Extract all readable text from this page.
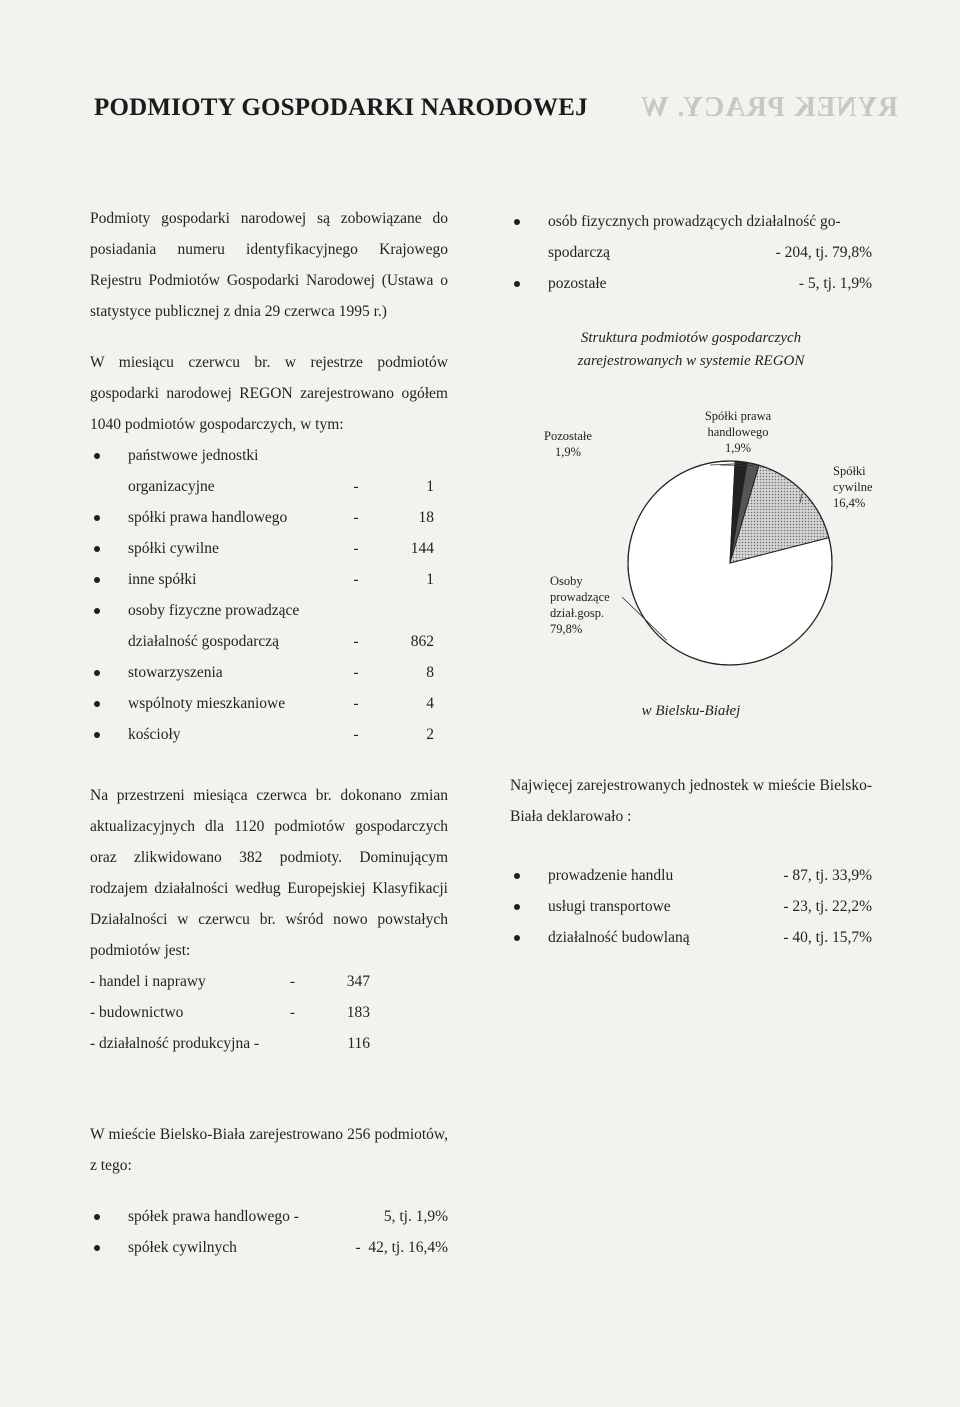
RYNEK PRACY. W
PODMIOTY GOSPODARKI NARODOWEJ

Podmioty gospodarki narodowej są zobowiązane do posiadania numeru identyfikacyjnego Krajowego Rejestru Podmiotów Gospodarki Narodowej (Ustawa o statystyce publicznej z dnia 29 czerwca 1995 r.)

W miesiącu czerwcu br. w rejestrze podmiotów gospodarki narodowej REGON zarejestrowano ogółem 1040 podmiotów gospodarczych, w tym:

państwowe jednostki
organizacyjne	-	1
spółki prawa handlowego	-	18
spółki cywilne	-	144
inne spółki	-	1
osoby fizyczne prowadzące
działalność gospodarczą	-	862
stowarzyszenia	-	8
wspólnoty mieszkaniowe	-	4
kościoły	-	2

Na przestrzeni miesiąca czerwca br. dokonano zmian aktualizacyjnych dla 1120 podmiotów gospodarczych oraz zlikwidowano 382 podmioty. Dominującym rodzajem działalności według Europejskiej Klasyfikacji Działalności w czerwcu br. wśród nowo powstałych podmiotów jest:

- handel i naprawy	-	347
- budownictwo	-	183
- działalność produkcyjna -	116

W mieście Bielsko-Biała zarejestrowano 256 podmiotów, z tego:

spółek prawa handlowego -	5, tj. 1,9%
spółek cywilnych	-  42, tj. 16,4%
osób fizycznych prowadzących działalność go-
spodarczą	- 204, tj. 79,8%
pozostałe	- 5, tj. 1,9%

Struktura podmiotów gospodarczych

zarejestrowanych w systemie REGON

Osoby prowadzące dział.gosp. 79,8%
Pozostałe 1,9%
Spółki prawa handlowego 1,9%
Spółki cywilne 16,4%

w Bielsku-Białej

Najwięcej zarejestrowanych jednostek w mieście Bielsko-Biała deklarowało :

prowadzenie handlu	- 87, tj. 33,9%
usługi transportowe	- 23, tj. 22,2%
działalność budowlaną	- 40, tj. 15,7%
